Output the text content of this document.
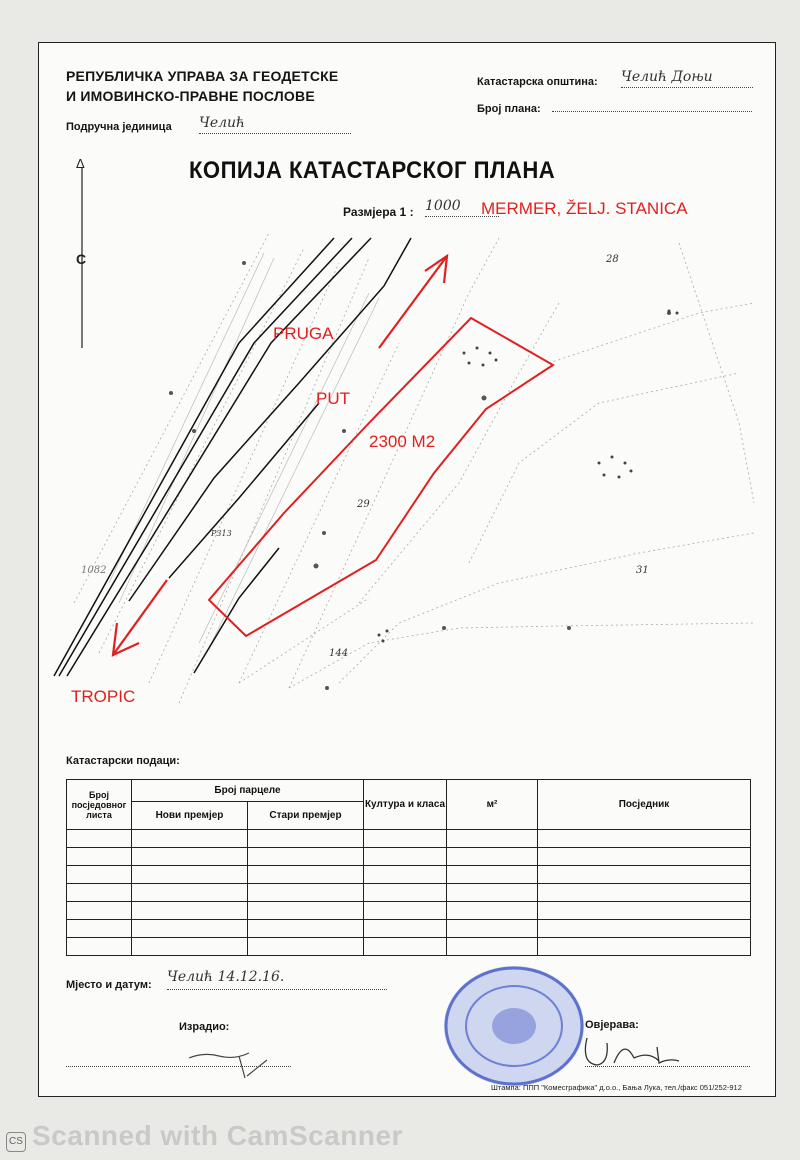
РЕПУБЛИЧКА УПРАВА ЗА ГЕОДЕТСКЕ
И ИМОВИНСКО-ПРАВНЕ ПОСЛОВЕ
Катастарска општина: Челић Доњи
Број плана:
Подручна јединица Челић
КОПИЈА КАТАСТАРСКОГ ПЛАНА
Размјера 1 : 1000
Δ
С	28
29
31
144
1082
Р313
MERMER, ŽELJ. STANICA
PRUGA
PUT
2300 M2
TROPIC
Катастарски подаци:
Број посједовног листа	Број парцеле		Култура и класа	м²	Посједник
	Нови премјер	Стари премјер			

Мјесто и датум: Челић 14.12.16.
Израдио:	Овјерава:
Штампа: ППП "Комесграфика" д.о.о., Бања Лука, тел./факс 051/252-912
CS Scanned with CamScanner
